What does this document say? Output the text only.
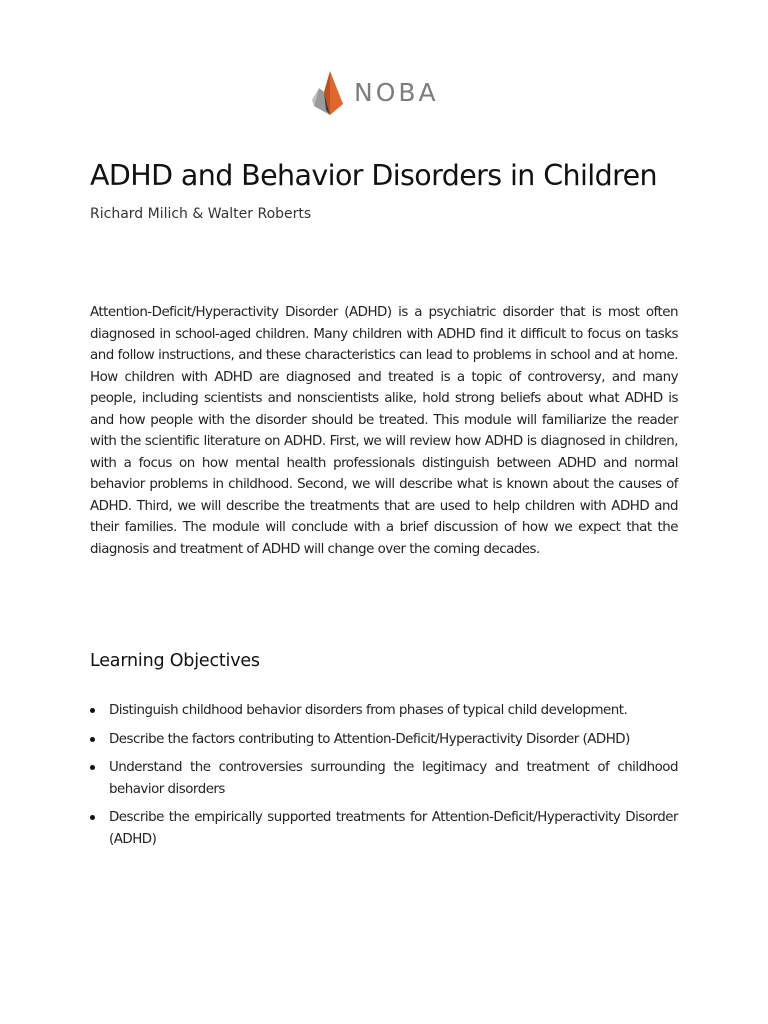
NOBA
ADHD and Behavior Disorders in Children

Richard Milich & Walter Roberts

Attention-Deficit/Hyperactivity Disorder (ADHD) is a psychiatric disorder that is most often diagnosed in school-aged children. Many children with ADHD find it difficult to focus on tasks and follow instructions, and these characteristics can lead to problems in school and at home. How children with ADHD are diagnosed and treated is a topic of controversy, and many people, including scientists and nonscientists alike, hold strong beliefs about what ADHD is and how people with the disorder should be treated. This module will familiarize the reader with the scientific literature on ADHD. First, we will review how ADHD is diagnosed in children, with a focus on how mental health professionals distinguish between ADHD and normal behavior problems in childhood. Second, we will describe what is known about the causes of ADHD. Third, we will describe the treatments that are used to help children with ADHD and their families. The module will conclude with a brief discussion of how we expect that the diagnosis and treatment of ADHD will change over the coming decades.

Learning Objectives
Distinguish childhood behavior disorders from phases of typical child development.
Describe the factors contributing to Attention-Deficit/Hyperactivity Disorder (ADHD)
Understand the controversies surrounding the legitimacy and treatment of childhood behavior disorders
Describe the empirically supported treatments for Attention-Deficit/Hyperactivity Disorder (ADHD)
